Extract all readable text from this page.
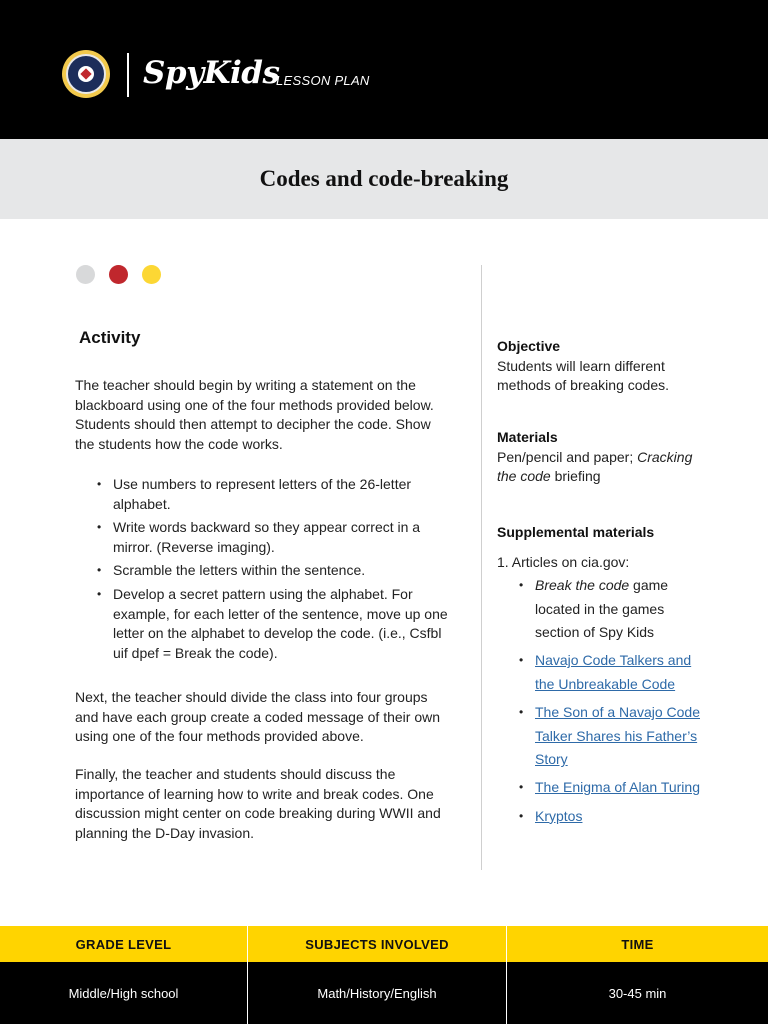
SpyKids
LESSON PLAN
Codes and code-breaking
Activity

The teacher should begin by writing a statement on the blackboard using one of the four methods provided below. Students should then attempt to decipher the code. Show the students how the code works.

• Use numbers to represent letters of the 26-letter alphabet.
• Write words backward so they appear correct in a mirror. (Reverse imaging).
• Scramble the letters within the sentence.
• Develop a secret pattern using the alphabet. For example, for each letter of the sentence, move up one letter on the alphabet to develop the code. (i.e., Csfbl uif dpef = Break the code).

Next, the teacher should divide the class into four groups and have each group create a coded message of their own using one of the four methods provided above.

Finally, the teacher and students should discuss the importance of learning how to write and break codes. One discussion might center on code breaking during WWII and planning the D-Day invasion.

Objective
Students will learn different methods of breaking codes.
Materials
Pen/pencil and paper; Cracking the code briefing
Supplemental materials
1. Articles on cia.gov:
• Break the code game located in the games section of Spy Kids
• Navajo Code Talkers and the Unbreakable Code
• The Son of a Navajo Code Talker Shares his Father’s Story
• The Enigma of Alan Turing
• Kryptos
GRADE LEVEL	SUBJECTS INVOLVED	TIME
Middle/High school	Math/History/English	30-45 min
